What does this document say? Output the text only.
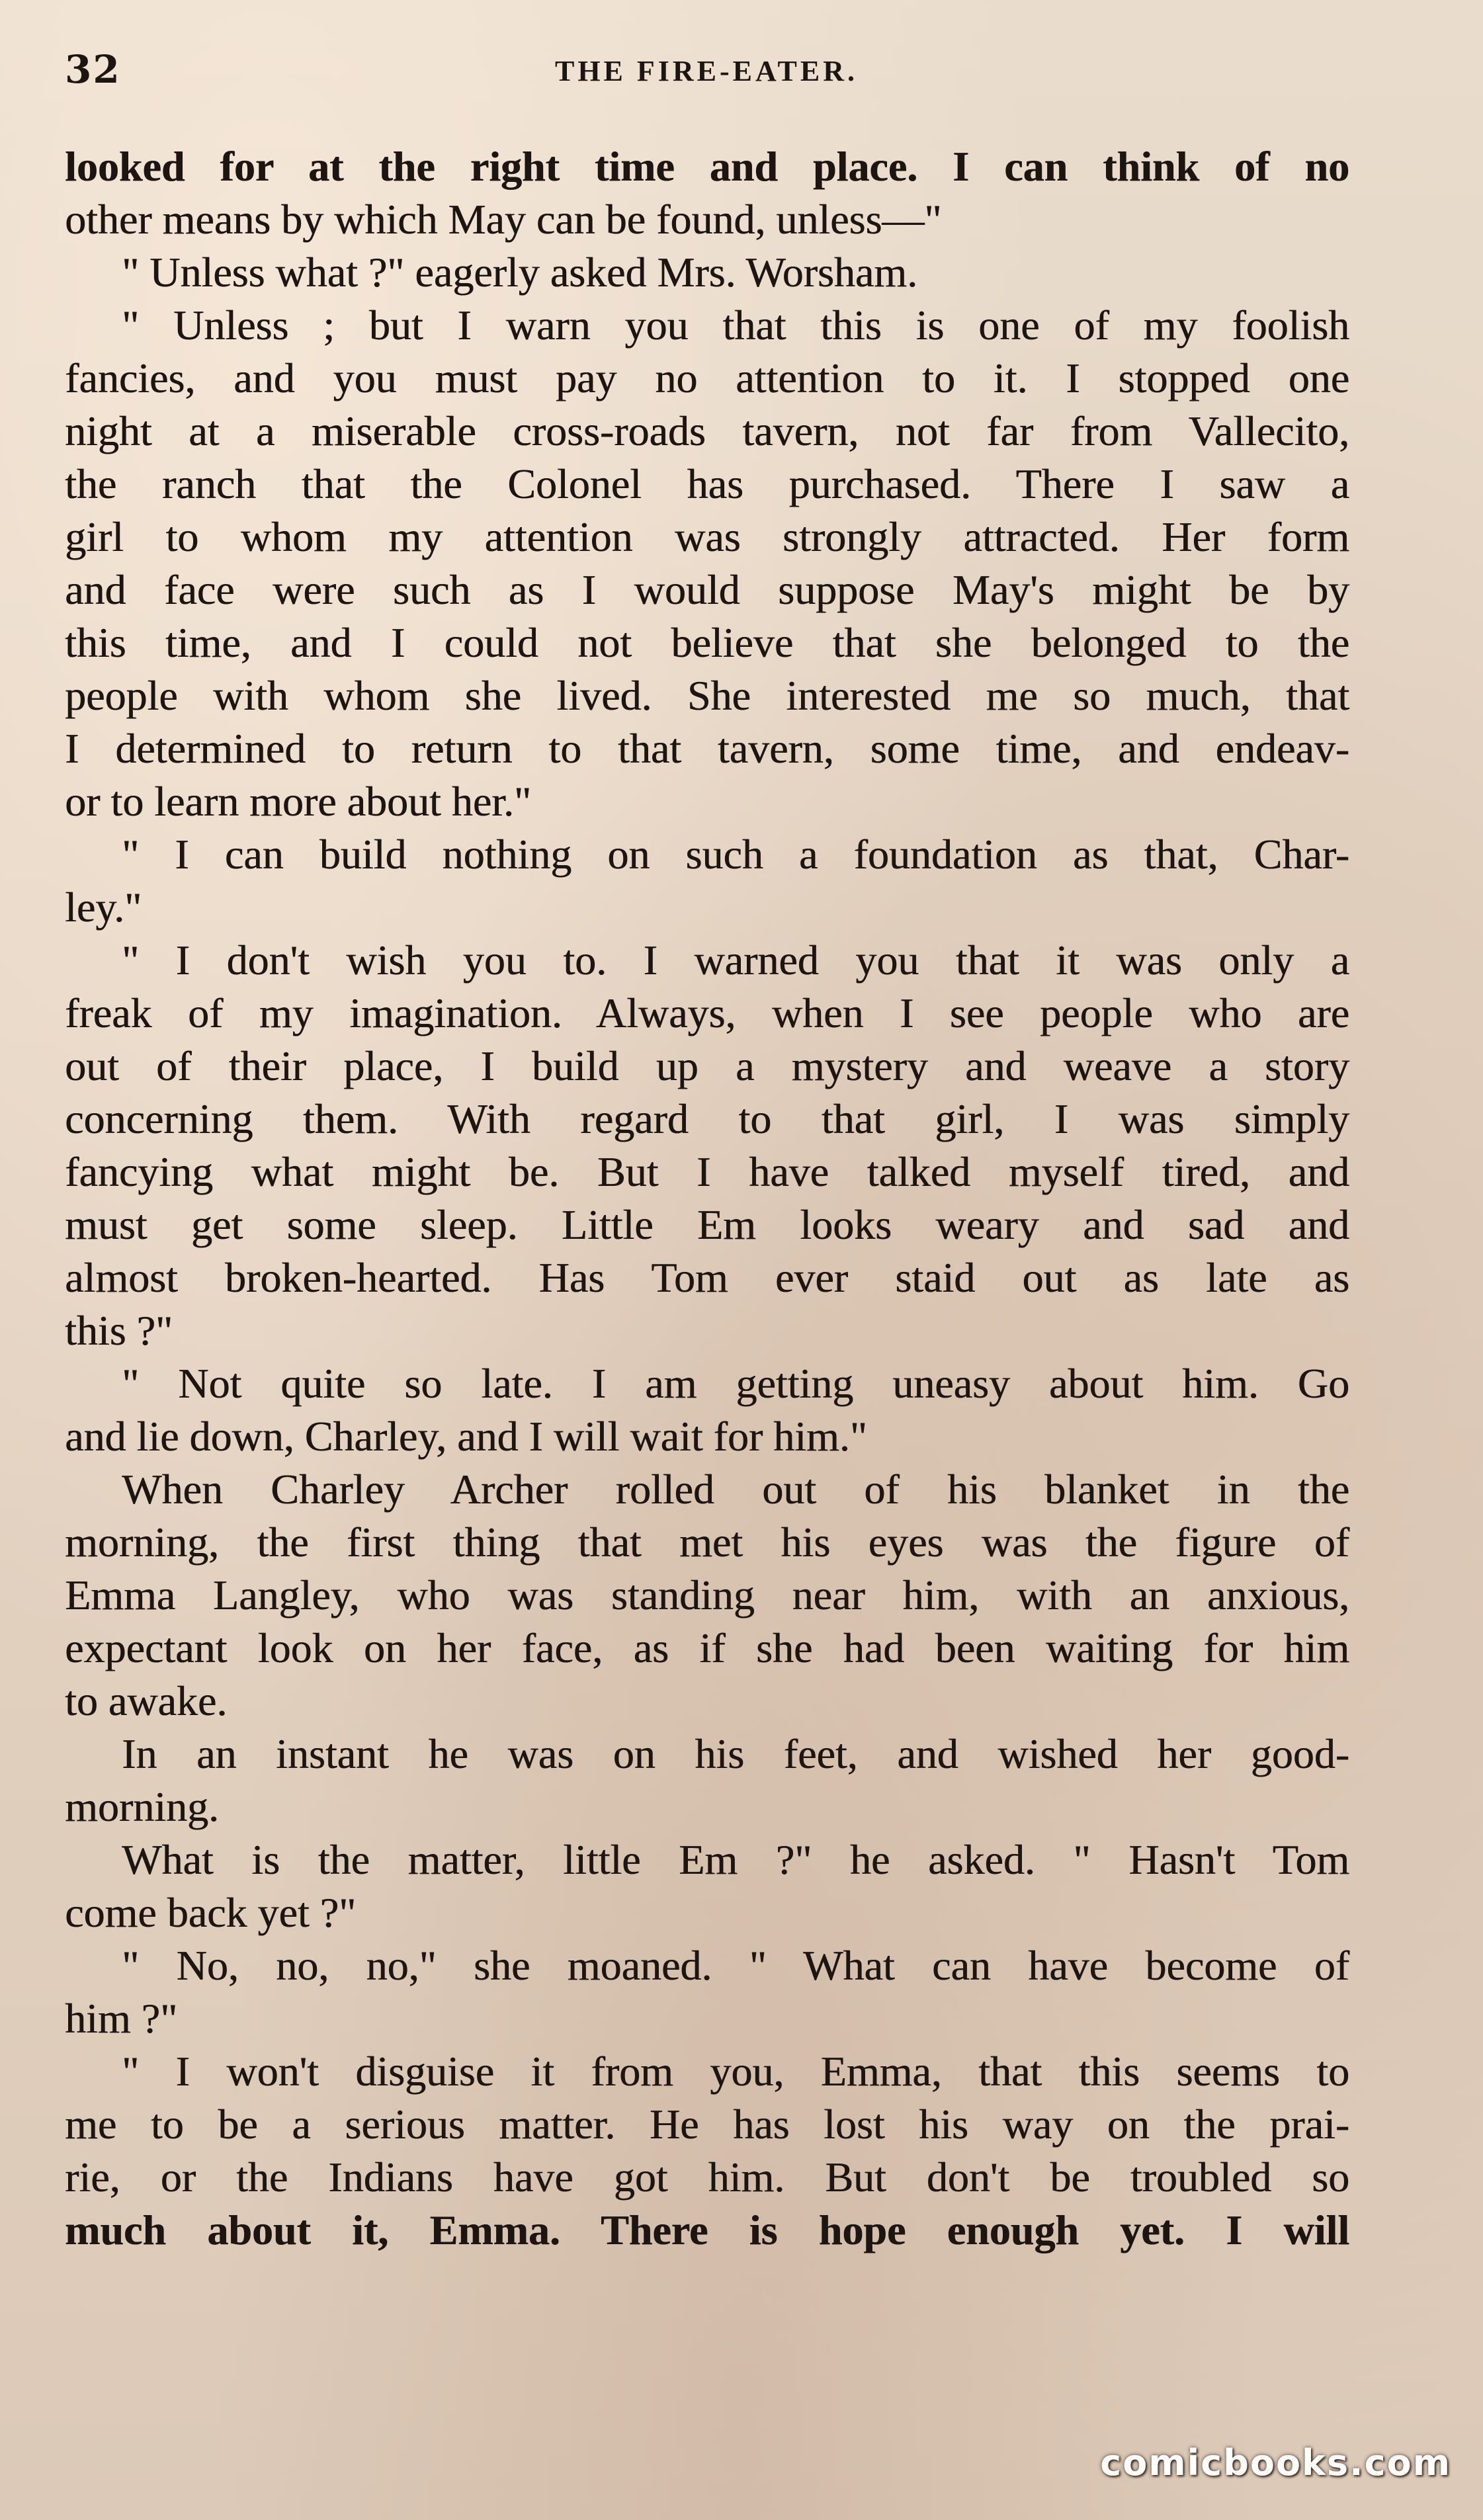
32	THE FIRE-EATER.
looked for at the right time and place. I can think of no
other means by which May can be found, unless—"
" Unless what ?" eagerly asked Mrs. Worsham.
" Unless ; but I warn you that this is one of my foolish
fancies, and you must pay no attention to it. I stopped one
night at a miserable cross-roads tavern, not far from Vallecito,
the ranch that the Colonel has purchased. There I saw a
girl to whom my attention was strongly attracted. Her form
and face were such as I would suppose May's might be by
this time, and I could not believe that she belonged to the
people with whom she lived. She interested me so much, that
I determined to return to that tavern, some time, and endeav-
or to learn more about her."
" I can build nothing on such a foundation as that, Char-
ley."
" I don't wish you to. I warned you that it was only a
freak of my imagination. Always, when I see people who are
out of their place, I build up a mystery and weave a story
concerning them. With regard to that girl, I was simply
fancying what might be. But I have talked myself tired, and
must get some sleep. Little Em looks weary and sad and
almost broken-hearted. Has Tom ever staid out as late as
this ?"
" Not quite so late. I am getting uneasy about him. Go
and lie down, Charley, and I will wait for him."
When Charley Archer rolled out of his blanket in the
morning, the first thing that met his eyes was the figure of
Emma Langley, who was standing near him, with an anxious,
expectant look on her face, as if she had been waiting for him
to awake.
In an instant he was on his feet, and wished her good-
morning.
What is the matter, little Em ?" he asked. " Hasn't Tom
come back yet ?"
" No, no, no," she moaned. " What can have become of
him ?"
" I won't disguise it from you, Emma, that this seems to
me to be a serious matter. He has lost his way on the prai-
rie, or the Indians have got him. But don't be troubled so
much about it, Emma. There is hope enough yet. I will
comicbooks.com
